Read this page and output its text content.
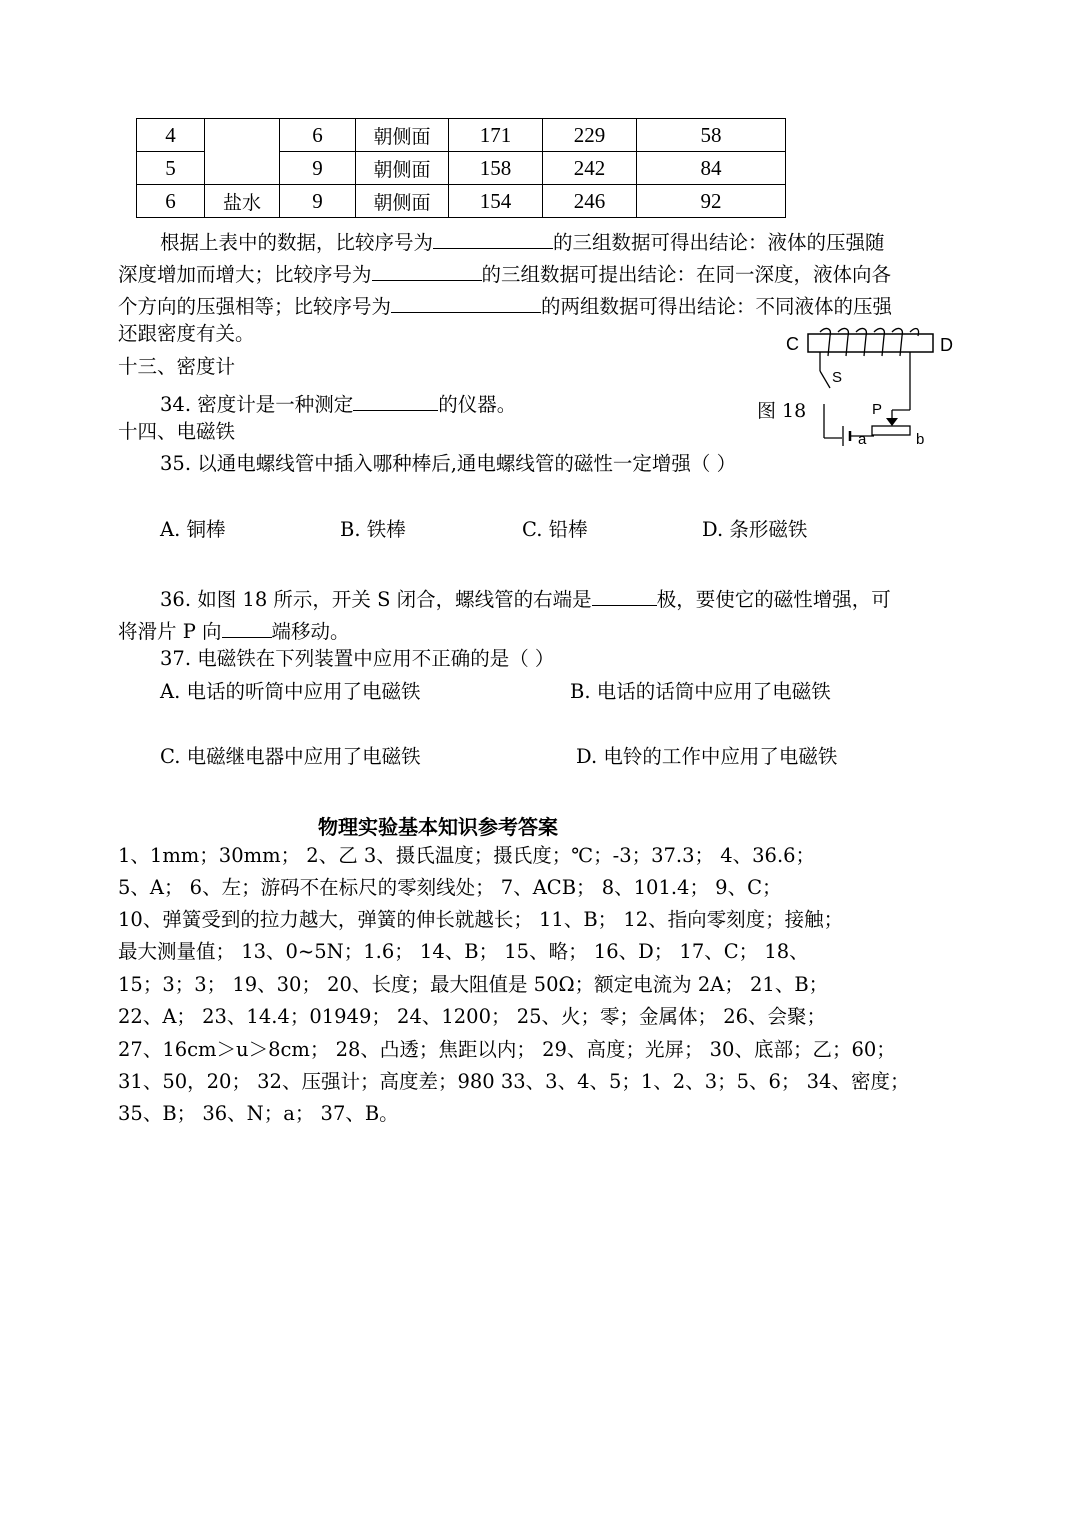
4		6	朝侧面	171	229	58
5		9	朝侧面	158	242	84
6	盐水	9	朝侧面	154	246	92
根据上表中的数据，比较序号为	的三组数据可得出结论：液体的压强随
深度增加而增大；比较序号为	的三组数据可提出结论：在同一深度，液体向各
个方向的压强相等；比较序号为	的两组数据可得出结论：不同液体的压强
还跟密度有关。
十三、密度计
34. 密度计是一种测定	的仪器。
十四、电磁铁
35. 以通电螺线管中插入哪种棒后,通电螺线管的磁性一定增强（ ）
A. 铜棒	B. 铁棒	C. 铅棒	D. 条形磁铁
36. 如图 18 所示，开关 S 闭合，螺线管的右端是	极，要使它的磁性增强，可
将滑片 P 向	端移动。
37. 电磁铁在下列装置中应用不正确的是（ ）
A. 电话的听筒中应用了电磁铁	B. 电话的话筒中应用了电磁铁
C. 电磁继电器中应用了电磁铁	D. 电铃的工作中应用了电磁铁
C	D
S
a	b
P
图 18
物理实验基本知识参考答案
1、1mm；30mm； 2、乙 3、摄氏温度；摄氏度；℃；-3；37.3； 4、36.6；
5、A； 6、左；游码不在标尺的零刻线处； 7、ACB； 8、101.4； 9、C；
10、弹簧受到的拉力越大，弹簧的伸长就越长； 11、B； 12、指向零刻度；接触；
最大测量值； 13、0~5N；1.6； 14、B； 15、略； 16、D； 17、C； 18、
15；3；3； 19、30； 20、长度；最大阻值是 50Ω；额定电流为 2A； 21、B；
22、A； 23、14.4；01949； 24、1200； 25、火；零；金属体； 26、会聚；
27、16cm＞u＞8cm； 28、凸透；焦距以内； 29、高度；光屏； 30、底部；乙；60；
31、50，20； 32、压强计；高度差；980 33、3、4、5；1、2、3；5、6； 34、密度；
35、B； 36、N；a； 37、B。
